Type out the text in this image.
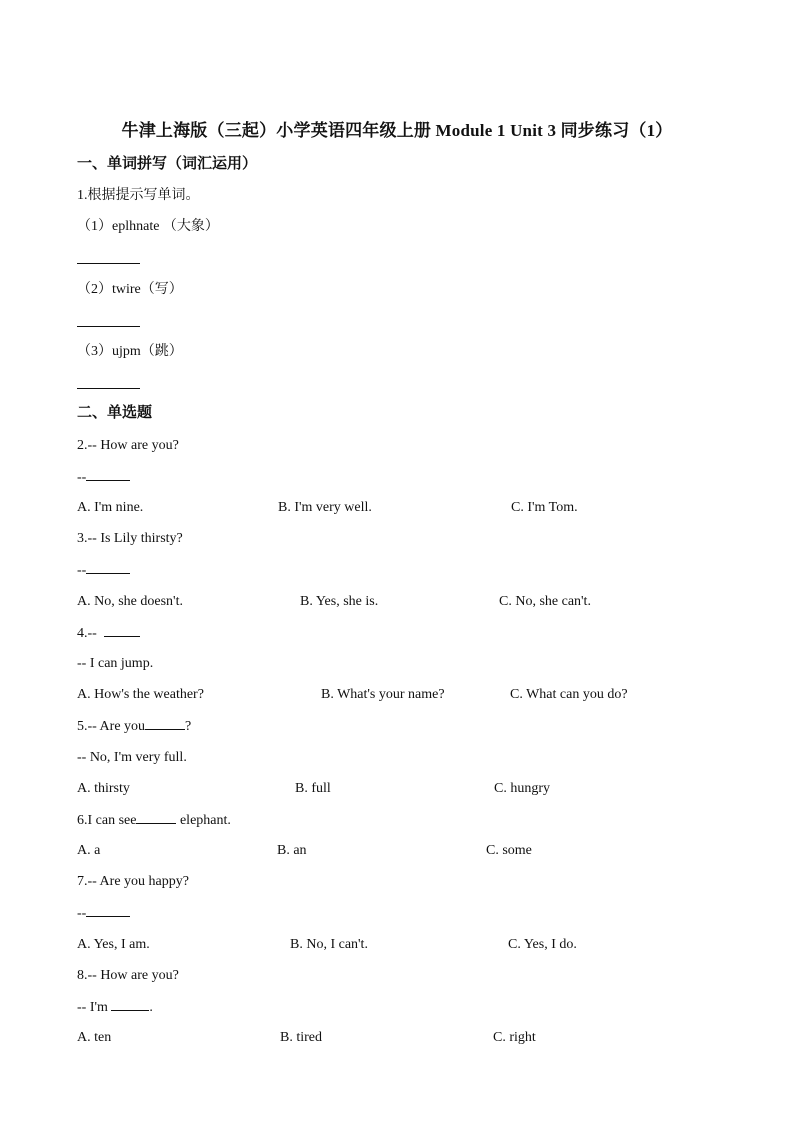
牛津上海版（三起）小学英语四年级上册 Module 1 Unit 3 同步练习（1）
一、单词拼写（词汇运用）
1.根据提示写单词。
（1）eplhnate （大象）
（2）twire（写）
（3）ujpm（跳）
二、单选题
2.-- How are you?
--
A. I'm nine.	B. I'm very well.	C. I'm Tom.
3.-- Is Lily thirsty?
--
A. No, she doesn't.	B. Yes, she is.	C. No, she can't.
4.--
-- I can jump.
A. How's the weather?	B. What's your name?	C. What can you do?
5.-- Are you	?
-- No, I'm very full.
A. thirsty	B. full	C. hungry
6.I can see	elephant.
A. a	B. an	C. some
7.-- Are you happy?
--
A. Yes, I am.	B. No, I can't.	C. Yes, I do.
8.-- How are you?
-- I'm	.
A. ten	B. tired	C. right
